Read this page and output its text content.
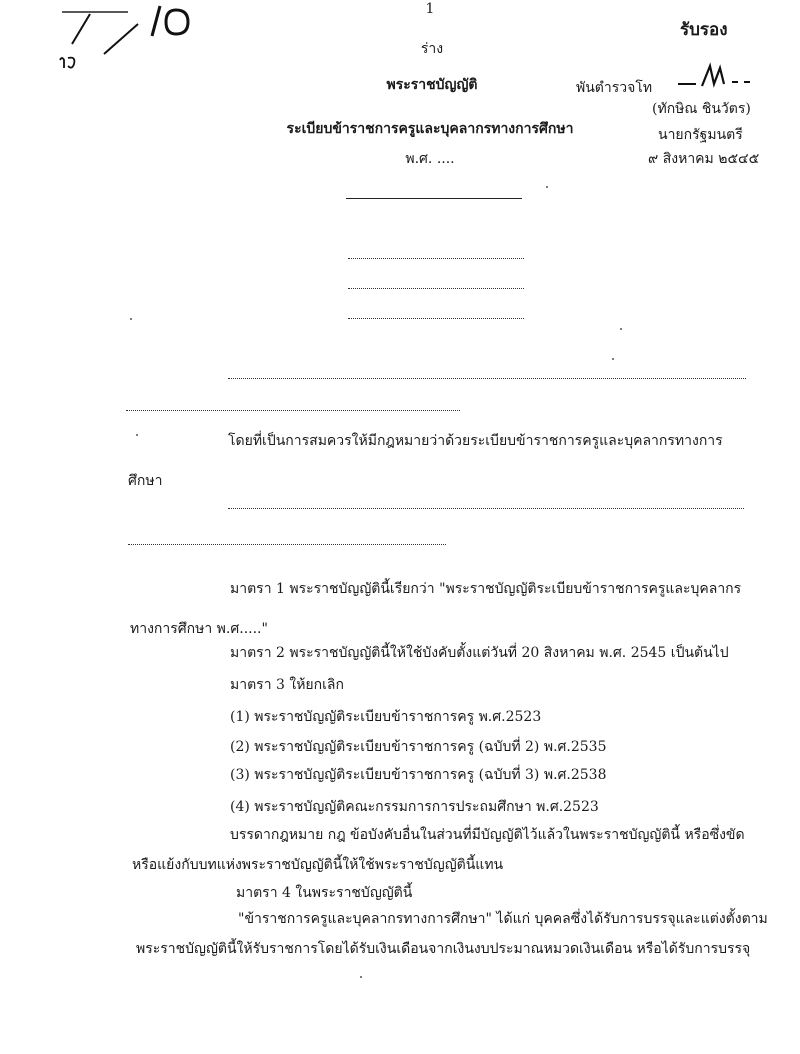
1
ร่าง
พระราชบัญญัติ
ระเบียบข้าราชการครูและบุคลากรทางการศึกษา
พ.ศ. ....
รับรอง
พันตำรวจโท
(ทักษิณ ชินวัตร)
นายกรัฐมนตรี
๙ สิงหาคม ๒๕๔๕
โดยที่เป็นการสมควรให้มีกฎหมายว่าด้วยระเบียบข้าราชการครูและบุคลากรทางการ
ศึกษา
มาตรา 1 พระราชบัญญัตินี้เรียกว่า "พระราชบัญญัติระเบียบข้าราชการครูและบุคลากร
ทางการศึกษา พ.ศ....."
มาตรา 2 พระราชบัญญัตินี้ให้ใช้บังคับตั้งแต่วันที่ 20 สิงหาคม พ.ศ. 2545 เป็นต้นไป
มาตรา 3 ให้ยกเลิก
(1) พระราชบัญญัติระเบียบข้าราชการครู พ.ศ.2523
(2) พระราชบัญญัติระเบียบข้าราชการครู (ฉบับที่ 2) พ.ศ.2535
(3) พระราชบัญญัติระเบียบข้าราชการครู (ฉบับที่ 3) พ.ศ.2538
(4) พระราชบัญญัติคณะกรรมการการประถมศึกษา พ.ศ.2523
บรรดากฎหมาย กฎ ข้อบังคับอื่นในส่วนที่มีบัญญัติไว้แล้วในพระราชบัญญัตินี้ หรือซึ่งขัด
หรือแย้งกับบทแห่งพระราชบัญญัตินี้ให้ใช้พระราชบัญญัตินี้แทน
มาตรา 4 ในพระราชบัญญัตินี้
"ข้าราชการครูและบุคลากรทางการศึกษา" ได้แก่ บุคคลซึ่งได้รับการบรรจุและแต่งตั้งตาม
พระราชบัญญัตินี้ให้รับราชการโดยได้รับเงินเดือนจากเงินงบประมาณหมวดเงินเดือน หรือได้รับการบรรจุ
